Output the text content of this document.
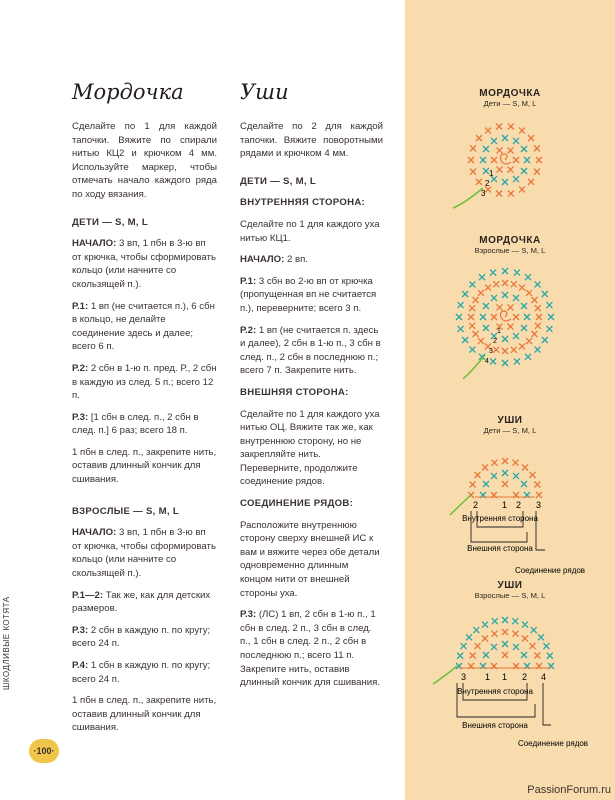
·100·
Мордочка

Сделайте по 1 для каждой тапочки. Вяжите по спирали нитью КЦ2 и крючком 4 мм. Используйте маркер, чтобы отмечать начало каждого ряда по ходу вязания.

ДЕТИ — S, M, L

НАЧАЛО: 3 вп, 1 пбн в 3-ю вп от крючка, чтобы сформировать кольцо (или начните со скользящей п.).

Р.1: 1 вп (не считается п.), 6 сбн в кольцо, не делайте соединение здесь и далее; всего 6 п.

Р.2: 2 сбн в 1-ю п. пред. Р., 2 сбн в каждую из след. 5 п.; всего 12 п.

Р.3: [1 сбн в след. п., 2 сбн в след. п.] 6 раз; всего 18 п.

1 пбн в след. п., закрепите нить, оставив длинный кончик для сшивания.

ВЗРОСЛЫЕ — S, M, L

НАЧАЛО: 3 вп, 1 пбн в 3-ю вп от крючка, чтобы сформировать кольцо (или начните со скользящей п.).

Р.1—2: Так же, как для детских размеров.

Р.3: 2 сбн в каждую п. по кругу; всего 24 п.

Р.4: 1 сбн в каждую п. по кругу; всего 24 п.

1 пбн в след. п., закрепите нить, оставив длинный кончик для сшивания.

Уши

Сделайте по 2 для каждой тапочки. Вяжите поворотными рядами и крючком 4 мм.

ДЕТИ — S, M, L
ВНУТРЕННЯЯ СТОРОНА:

Сделайте по 1 для каждого уха нитью КЦ1.

НАЧАЛО: 2 вп.

Р.1: 3 сбн во 2-ю вп от крючка (пропущенная вп не считается п.), переверните; всего 3 п.

Р.2: 1 вп (не считается п. здесь и далее), 2 сбн в 1-ю п., 3 сбн в след. п., 2 сбн в последнюю п.; всего 7 п. Закрепите нить.

ВНЕШНЯЯ СТОРОНА:

Сделайте по 1 для каждого уха нитью ОЦ. Вяжите так же, как внутреннюю сторону, но не закрепляйте нить. Переверните, продолжите соединение рядов.

СОЕДИНЕНИЕ РЯДОВ:

Расположите внутреннюю сторону сверху внешней ИС к вам и вяжите через обе детали одновременно длинным концом нити от внешней стороны уха.

Р.3: (ЛС) 1 вп, 2 сбн в 1-ю п., 1 сбн в след. 2 п., 3 сбн в след. п., 1 сбн в след. 2 п., 2 сбн в последнюю п.; всего 11 п. Закрепите нить, оставив длинный кончик для сшивания.

МОРДОЧКА
Дети — S, M, L
1
2
3
МОРДОЧКА
Взрослые — S, M, L
1
2
3
4
УШИ
Дети — S, M, L
2	1 2 3
Внутренняя сторона
Внешняя сторона
Соединение рядов
УШИ
Взрослые — S, M, L
3 1 1 2 4
Внутренняя сторона
Внешняя сторона
Соединение рядов
PassionForum.ru
